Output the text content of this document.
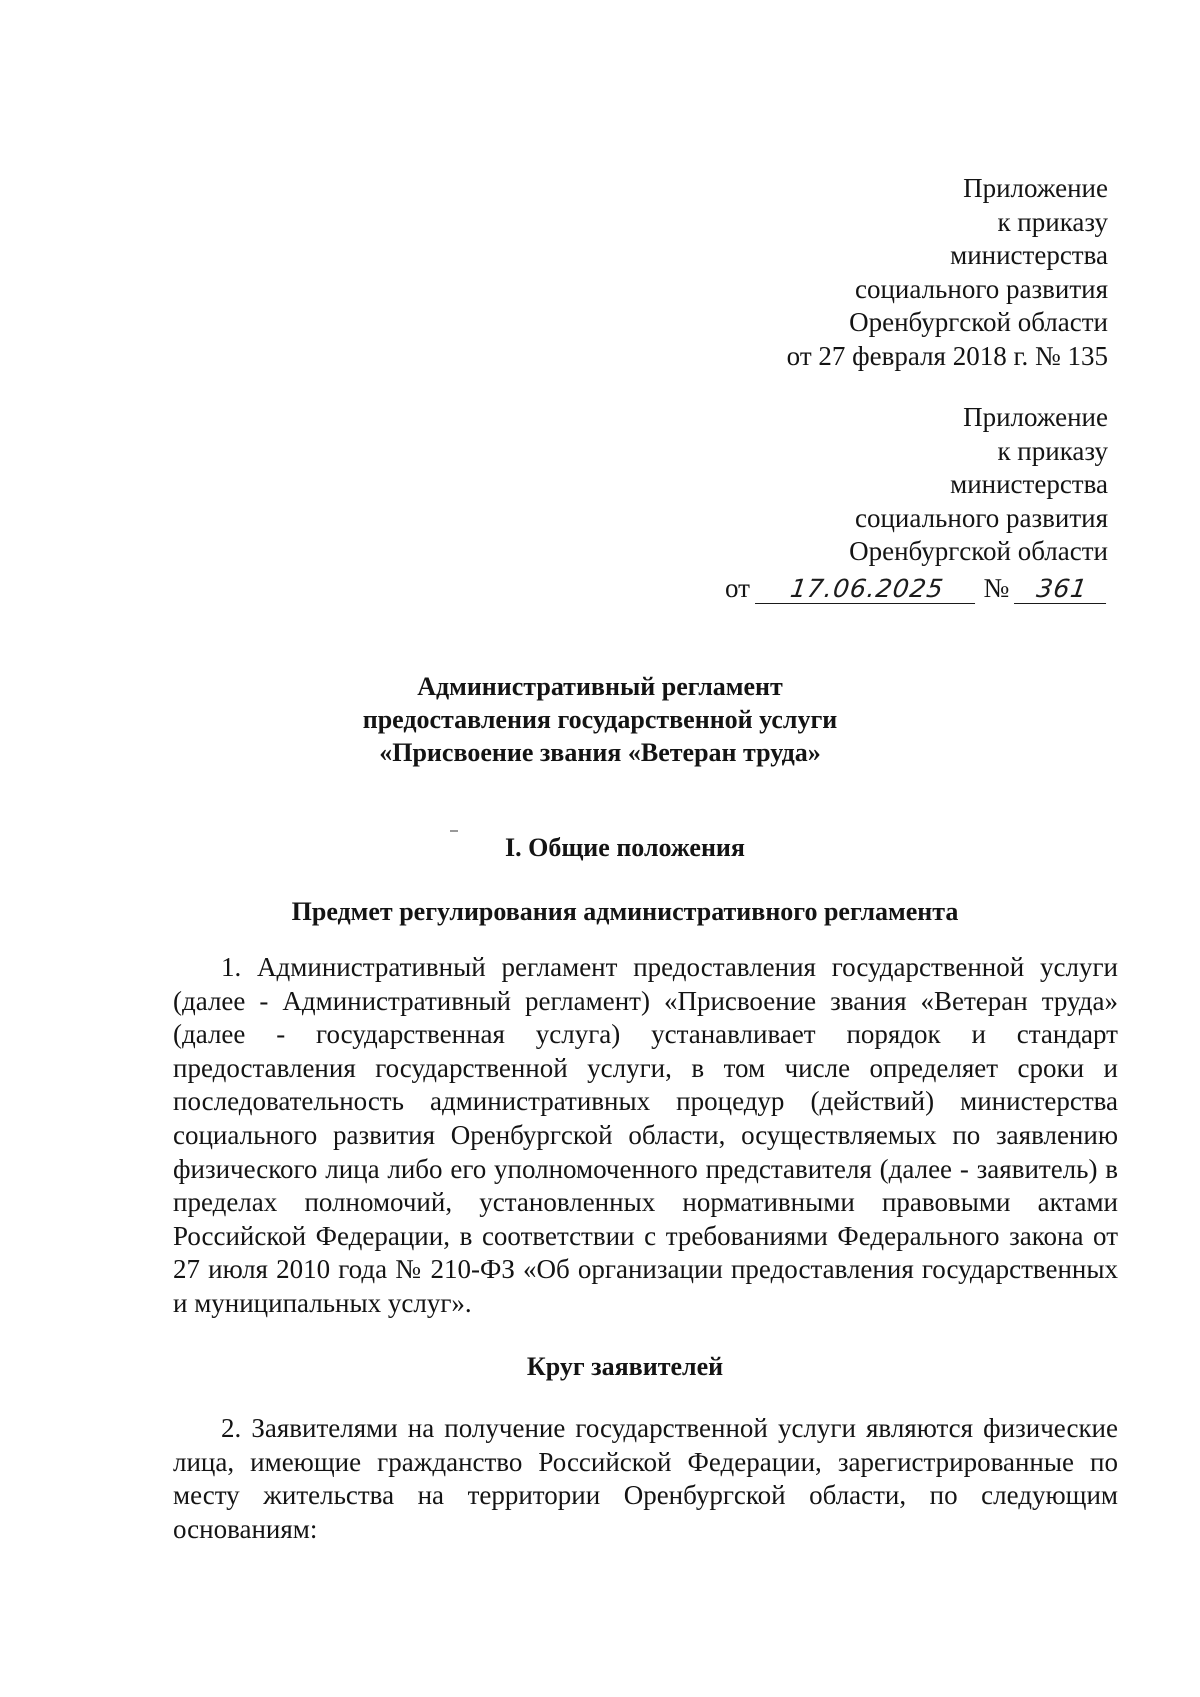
Приложение
к приказу
министерства
социального развития
Оренбургской области
от 27 февраля 2018 г. № 135
Приложение
к приказу
министерства
социального развития
Оренбургской области
от 17.06.2025 № 361
Административный регламент
предоставления государственной услуги
«Присвоение звания «Ветеран труда»
I. Общие положения
Предмет регулирования административного регламента
1. Административный регламент предоставления государственной услуги (далее - Административный регламент) «Присвоение звания «Ветеран труда» (далее - государственная услуга) устанавливает порядок и стандарт предоставления государственной услуги, в том числе определяет сроки и последовательность административных процедур (действий) министерства социального развития Оренбургской области, осуществляемых по заявлению физического лица либо его уполномоченного представителя (далее - заявитель) в пределах полномочий, установленных нормативными правовыми актами Российской Федерации, в соответствии с требованиями Федерального закона от 27 июля 2010 года № 210-ФЗ «Об организации предоставления государственных и муниципальных услуг».
Круг заявителей
2. Заявителями на получение государственной услуги являются физические лица, имеющие гражданство Российской Федерации, зарегистрированные по месту жительства на территории Оренбургской области, по следующим основаниям:
